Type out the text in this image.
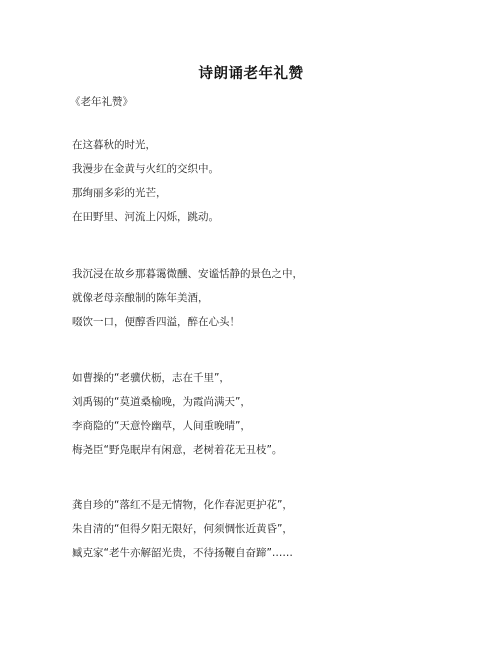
诗朗诵老年礼赞
《老年礼赞》
在这暮秋的时光，
我漫步在金黄与火红的交织中。
那绚丽多彩的光芒，
在田野里、河流上闪烁，跳动。
我沉浸在故乡那暮霭微醺、安谧恬静的景色之中，
就像老母亲酿制的陈年美酒，
啜饮一口，便醇香四溢，醉在心头！
如曹操的“老骥伏枥，志在千里”，
刘禹锡的“莫道桑榆晚，为霞尚满天”，
李商隐的“天意怜幽草，人间重晚晴”，
梅尧臣“野凫眠岸有闲意，老树着花无丑枝”。
龚自珍的“落红不是无情物，化作春泥更护花”，
朱自清的“但得夕阳无限好，何须惆怅近黄昏”，
臧克家“老牛亦解韶光贵，不待扬鞭自奋蹄”……
